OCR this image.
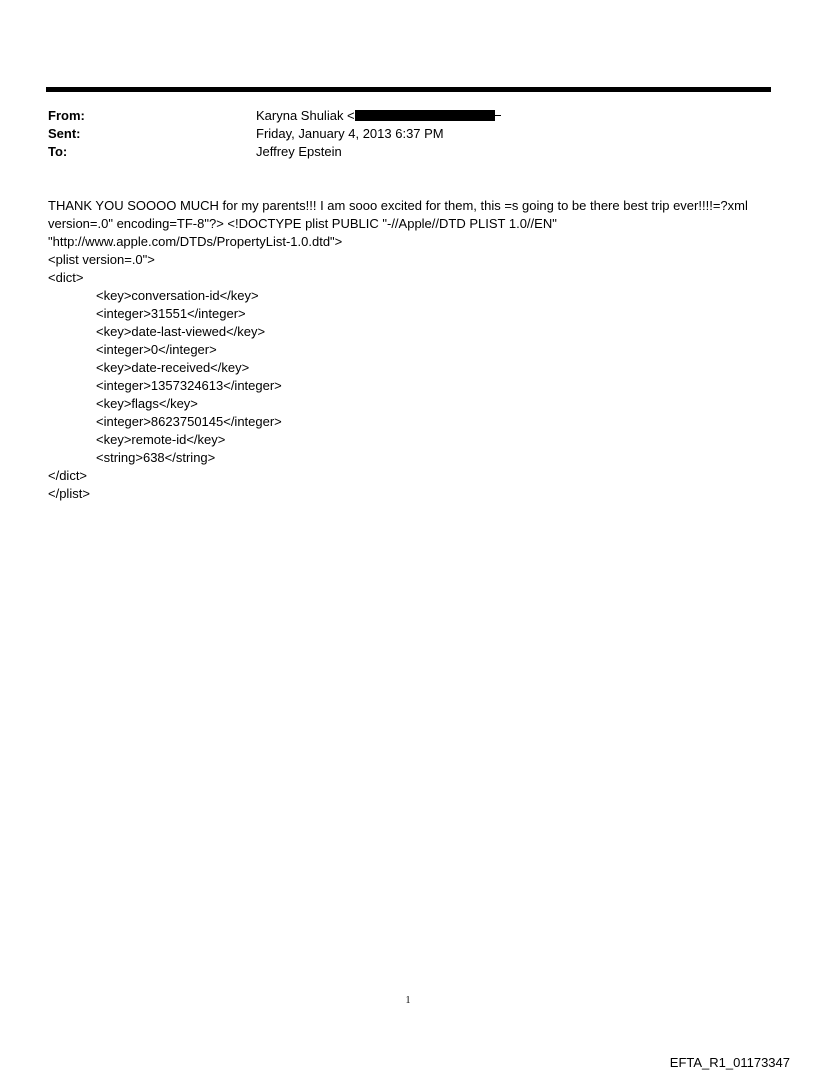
From:	Karyna Shuliak <
Sent:	Friday, January 4, 2013 6:37 PM
To:	Jeffrey Epstein
THANK YOU SOOOO MUCH for my parents!!! I am sooo excited for them, this =s going to be there best trip ever!!!!=?xml
version=.0" encoding=TF-8"?> <!DOCTYPE plist PUBLIC "-//Apple//DTD PLIST 1.0//EN"
"http://www.apple.com/DTDs/PropertyList-1.0.dtd">
<plist version=.0">
<dict>
<key>conversation-id</key>
<integer>31551</integer>
<key>date-last-viewed</key>
<integer>0</integer>
<key>date-received</key>
<integer>1357324613</integer>
<key>flags</key>
<integer>8623750145</integer>
<key>remote-id</key>
<string>638</string>
</dict>
</plist>
1
EFTA_R1_01173347
